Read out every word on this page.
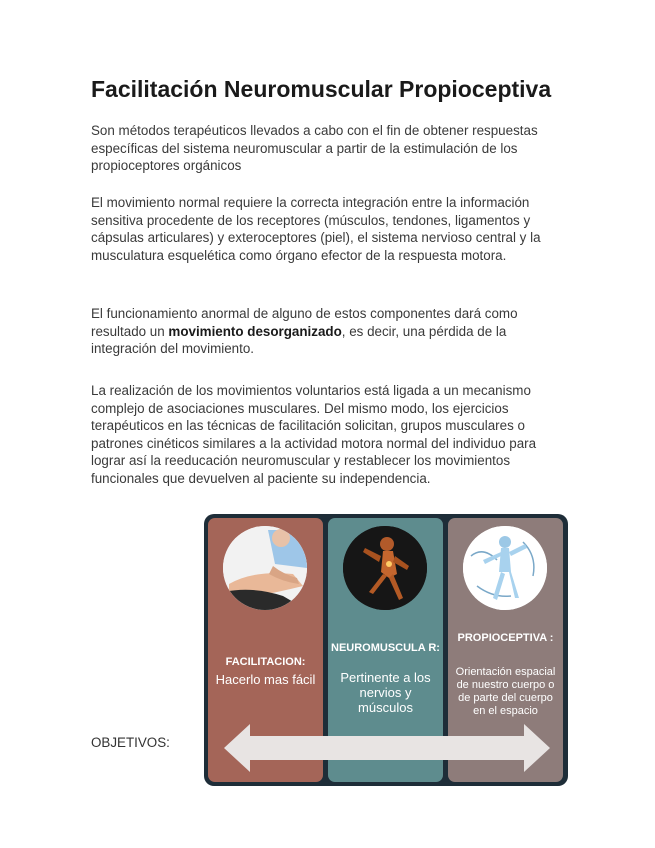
Facilitación Neuromuscular Propioceptiva

Son métodos terapéuticos llevados a cabo con el fin de obtener respuestas específicas del sistema neuromuscular a partir de la estimulación de los propioceptores orgánicos

El movimiento normal requiere la correcta integración entre la información sensitiva procedente de los receptores (músculos, tendones, ligamentos y cápsulas articulares) y exteroceptores (piel), el sistema nervioso central y la musculatura esquelética como órgano efector de la respuesta motora.

El funcionamiento anormal de alguno de estos componentes dará como resultado un movimiento desorganizado, es decir, una pérdida de la integración del movimiento.

La realización de los movimientos voluntarios está ligada a un mecanismo complejo de asociaciones musculares. Del mismo modo, los ejercicios terapéuticos en las técnicas de facilitación solicitan, grupos musculares o patrones cinéticos similares a la actividad motora normal del individuo para lograr así la reeducación neuromuscular y restablecer los movimientos funcionales que devuelven al paciente su independencia.

OBJETIVOS:
FACILITACION:
Hacerlo mas fácil
NEUROMUSCULA R:
Pertinente a los nervios y músculos
PROPIOCEPTIVA :
Orientación espacial de nuestro cuerpo o de parte del cuerpo en el espacio
